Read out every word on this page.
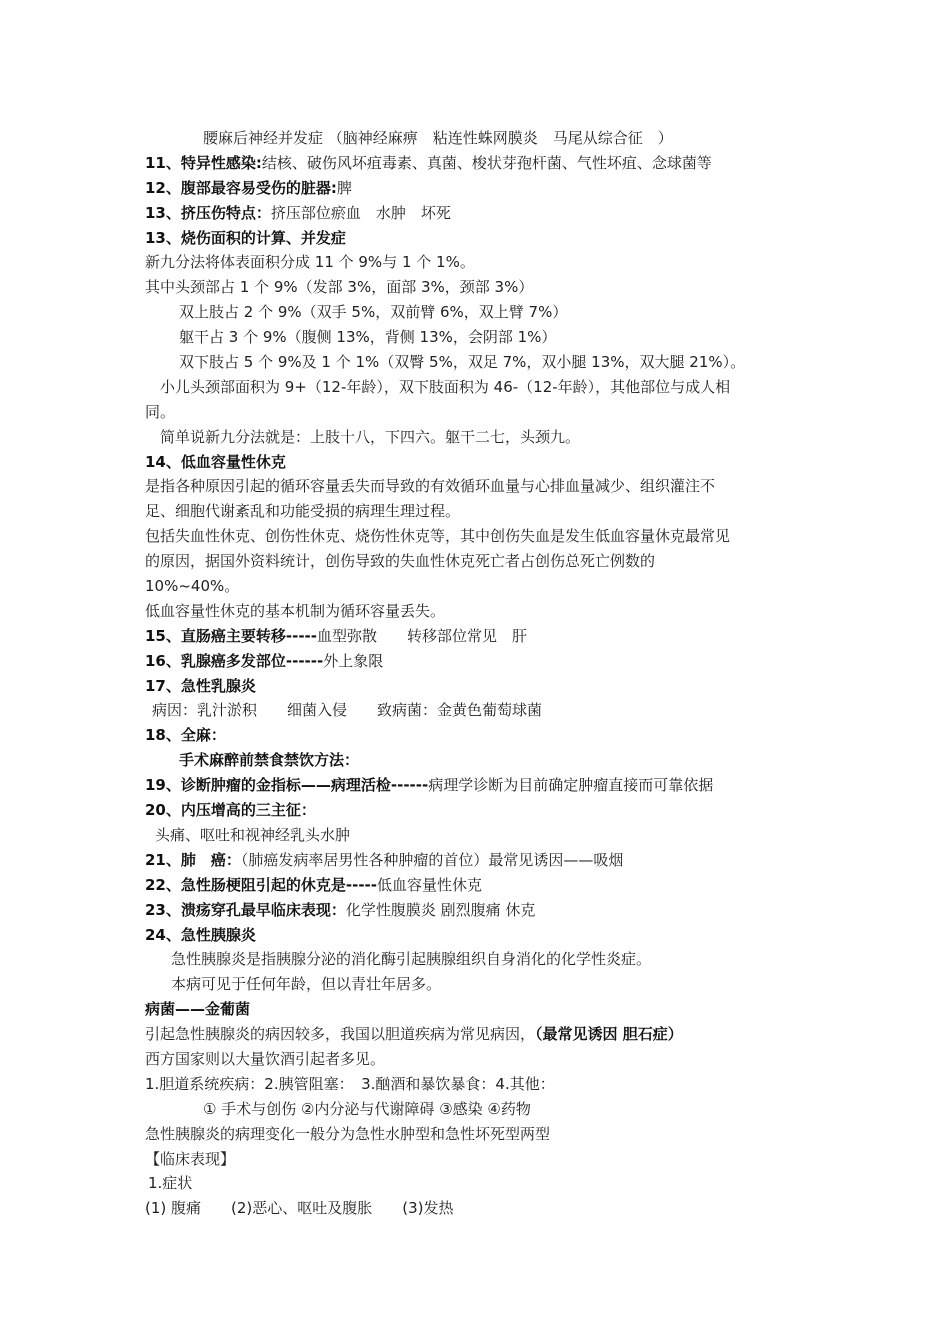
腰麻后神经并发症 （脑神经麻痹　粘连性蛛网膜炎　马尾从综合征　）
11、特异性感染:结核、破伤风坏疽毒素、真菌、梭状芽孢杆菌、气性坏疽、念球菌等
12、腹部最容易受伤的脏器:脾
13、挤压伤特点：挤压部位瘀血　水肿　坏死
13、烧伤面积的计算、并发症
新九分法将体表面积分成 11 个 9%与 1 个 1%。
其中头颈部占 1 个 9%（发部 3%，面部 3%，颈部 3%）
双上肢占 2 个 9%（双手 5%，双前臂 6%，双上臂 7%）
躯干占 3 个 9%（腹侧 13%，背侧 13%，会阴部 1%）
双下肢占 5 个 9%及 1 个 1%（双臀 5%，双足 7%，双小腿 13%，双大腿 21%）。
小儿头颈部面积为 9+（12-年龄），双下肢面积为 46-（12-年龄），其他部位与成人相
同。
简单说新九分法就是：上肢十八，下四六。躯干二七，头颈九。
14、低血容量性休克
是指各种原因引起的循环容量丢失而导致的有效循环血量与心排血量减少、组织灌注不
足、细胞代谢紊乱和功能受损的病理生理过程。
包括失血性休克、创伤性休克、烧伤性休克等，其中创伤失血是发生低血容量休克最常见
的原因，据国外资料统计，创伤导致的失血性休克死亡者占创伤总死亡例数的
10%~40%。
低血容量性休克的基本机制为循环容量丢失。
15、直肠癌主要转移-----血型弥散　　转移部位常见　肝
16、乳腺癌多发部位------外上象限
17、急性乳腺炎
病因：乳汁淤积　　细菌入侵　　致病菌：金黄色葡萄球菌
18、全麻：
手术麻醉前禁食禁饮方法：
19、诊断肿瘤的金指标——病理活检------病理学诊断为目前确定肿瘤直接而可靠依据
20、内压增高的三主征：
头痛、呕吐和视神经乳头水肿
21、肺　癌：（肺癌发病率居男性各种肿瘤的首位）最常见诱因——吸烟
22、急性肠梗阻引起的休克是-----低血容量性休克
23、溃疡穿孔最早临床表现：化学性腹膜炎 剧烈腹痛 休克
24、急性胰腺炎
急性胰腺炎是指胰腺分泌的消化酶引起胰腺组织自身消化的化学性炎症。
本病可见于任何年龄，但以青壮年居多。
病菌——金葡菌
引起急性胰腺炎的病因较多，我国以胆道疾病为常见病因，（最常见诱因 胆石症）
西方国家则以大量饮酒引起者多见。
1.胆道系统疾病：2.胰管阻塞：　3.酗酒和暴饮暴食：4.其他：
① 手术与创伤 ②内分泌与代谢障碍 ③感染 ④药物
急性胰腺炎的病理变化一般分为急性水肿型和急性坏死型两型
【临床表现】
1.症状
(1) 腹痛　　(2)恶心、呕吐及腹胀　　(3)发热
